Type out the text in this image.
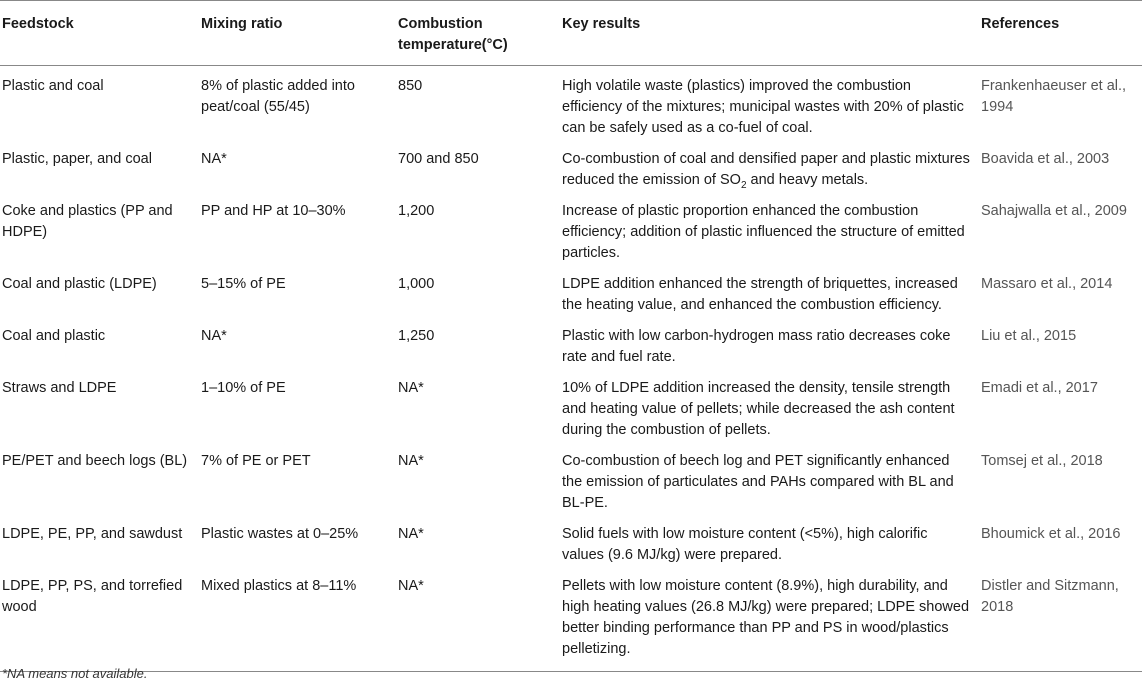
Feedstock	Mixing ratio	Combustion temperature(°C)	Key results	References
Plastic and coal	8% of plastic added into peat/coal (55/45)	850	High volatile waste (plastics) improved the combustion efficiency of the mixtures; municipal wastes with 20% of plastic can be safely used as a co-fuel of coal.	Frankenhaeuser et al., 1994
Plastic, paper, and coal	NA*	700 and 850	Co-combustion of coal and densified paper and plastic mixtures reduced the emission of $SO_2$ and heavy metals.	Boavida et al., 2003
Coke and plastics (PP and HDPE)	PP and HP at 10–30%	1,200	Increase of plastic proportion enhanced the combustion efficiency; addition of plastic influenced the structure of emitted particles.	Sahajwalla et al., 2009
Coal and plastic (LDPE)	5–15% of PE	1,000	LDPE addition enhanced the strength of briquettes, increased the heating value, and enhanced the combustion efficiency.	Massaro et al., 2014
Coal and plastic	NA*	1,250	Plastic with low carbon-hydrogen mass ratio decreases coke rate and fuel rate.	Liu et al., 2015
Straws and LDPE	1–10% of PE	NA*	10% of LDPE addition increased the density, tensile strength and heating value of pellets; while decreased the ash content during the combustion of pellets.	Emadi et al., 2017
PE/PET and beech logs (BL)	7% of PE or PET	NA*	Co-combustion of beech log and PET significantly enhanced the emission of particulates and PAHs compared with BL and BL-PE.	Tomsej et al., 2018
LDPE, PE, PP, and sawdust	Plastic wastes at 0–25%	NA*	Solid fuels with low moisture content (<5%), high calorific values (9.6 MJ/kg) were prepared.	Bhoumick et al., 2016
LDPE, PP, PS, and torrefied wood	Mixed plastics at 8–11%	NA*	Pellets with low moisture content (8.9%), high durability, and high heating values (26.8 MJ/kg) were prepared; LDPE showed better binding performance than PP and PS in wood/plastics pelletizing.	Distler and Sitzmann, 2018
*NA means not available.
